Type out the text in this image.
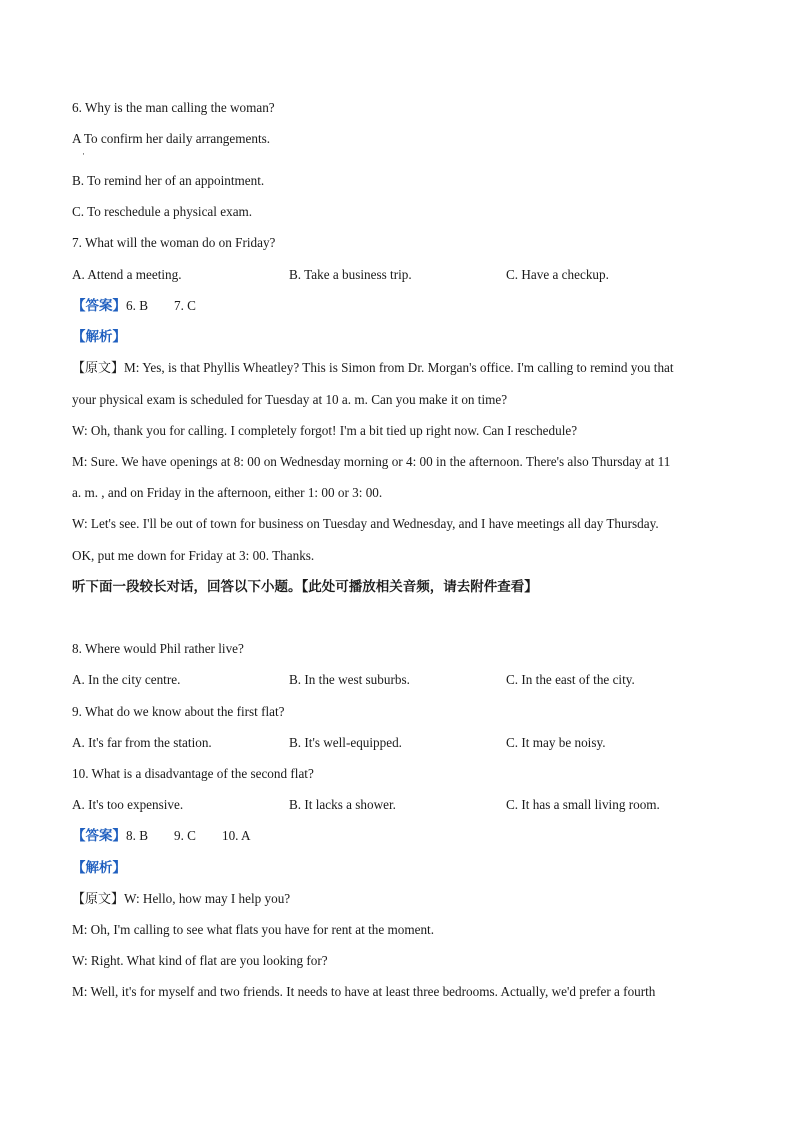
6. Why is the man calling the woman?
A To confirm her daily arrangements.
·
B. To remind her of an appointment.
C. To reschedule a physical exam.
7. What will the woman do on Friday?
A. Attend a meeting.	B. Take a business trip.	C. Have a checkup.
【答案】6. B 7. C
【解析】
【原文】M: Yes, is that Phyllis Wheatley? This is Simon from Dr. Morgan's office. I'm calling to remind you that
your physical exam is scheduled for Tuesday at 10 a. m. Can you make it on time?
W: Oh, thank you for calling. I completely forgot! I'm a bit tied up right now. Can I reschedule?
M: Sure. We have openings at 8: 00 on Wednesday morning or 4: 00 in the afternoon. There's also Thursday at 11
a. m. , and on Friday in the afternoon, either 1: 00 or 3: 00.
W: Let's see. I'll be out of town for business on Tuesday and Wednesday, and I have meetings all day Thursday.
OK, put me down for Friday at 3: 00. Thanks.
听下面一段较长对话，回答以下小题。【此处可播放相关音频，请去附件查看】
8. Where would Phil rather live?
A. In the city centre.	B. In the west suburbs.	C. In the east of the city.
9. What do we know about the first flat?
A. It's far from the station.	B. It's well-equipped.	C. It may be noisy.
10. What is a disadvantage of the second flat?
A. It's too expensive.	B. It lacks a shower.	C. It has a small living room.
【答案】8. B 9. C 10. A
【解析】
【原文】W: Hello, how may I help you?
M: Oh, I'm calling to see what flats you have for rent at the moment.
W: Right. What kind of flat are you looking for?
M: Well, it's for myself and two friends. It needs to have at least three bedrooms. Actually, we'd prefer a fourth
